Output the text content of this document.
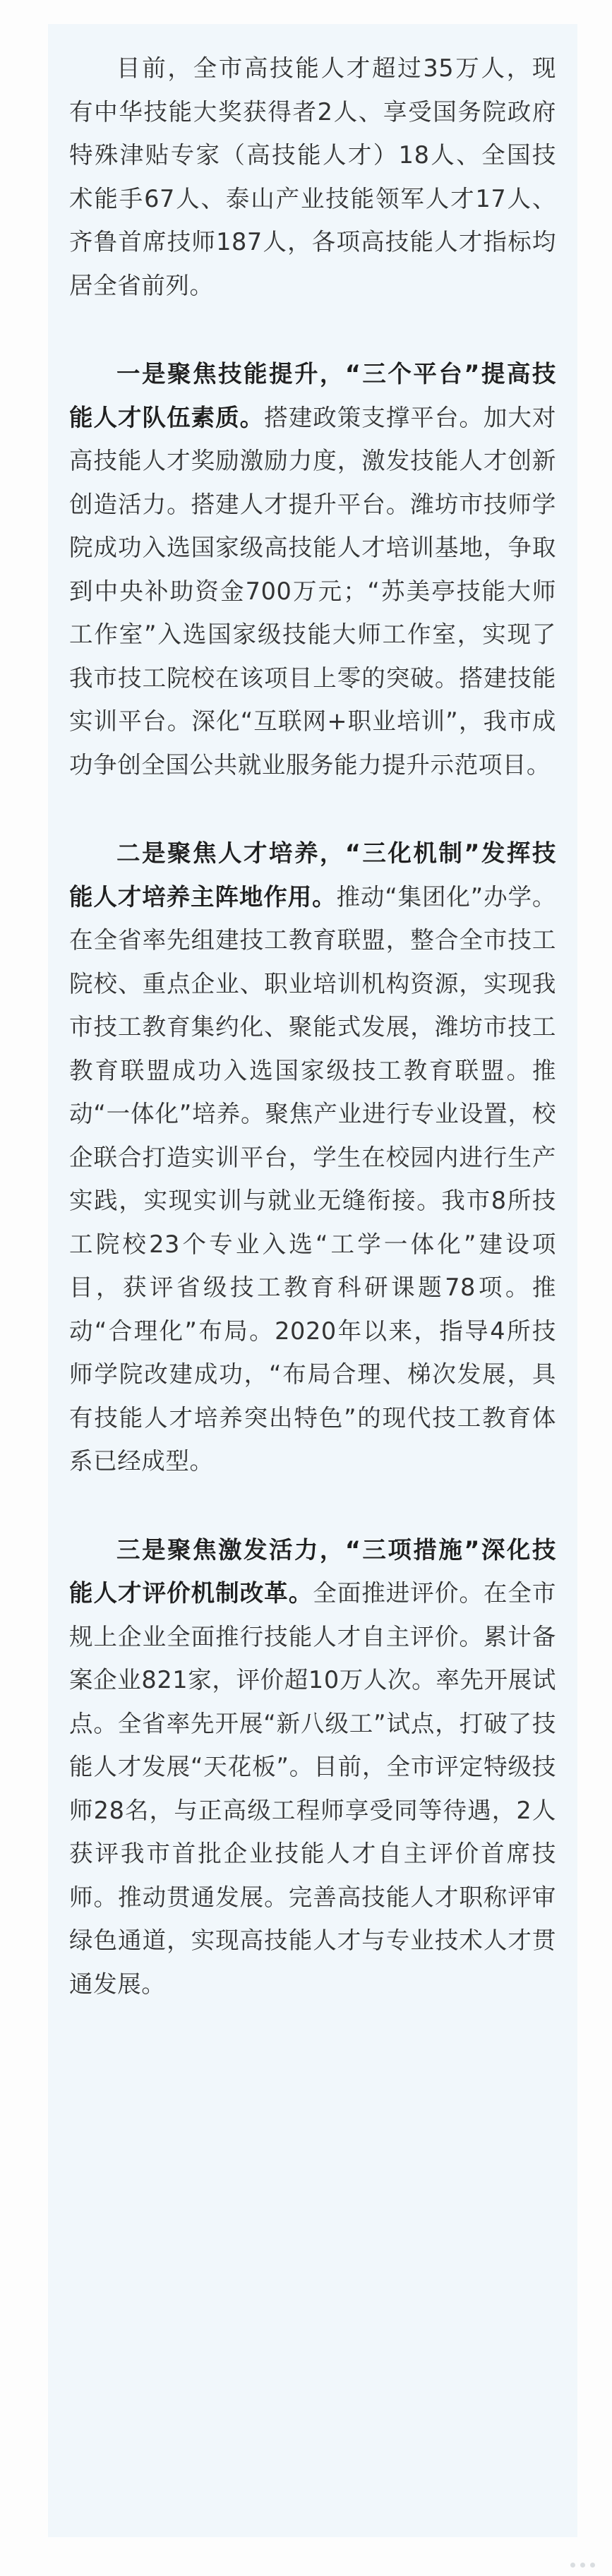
目前，全市高技能人才超过35万人，现有中华技能大奖获得者2人、享受国务院政府特殊津贴专家（高技能人才）18人、全国技术能手67人、泰山产业技能领军人才17人、齐鲁首席技师187人，各项高技能人才指标均居全省前列。

一是聚焦技能提升，“三个平台”提高技能人才队伍素质。搭建政策支撑平台。加大对高技能人才奖励激励力度，激发技能人才创新创造活力。搭建人才提升平台。潍坊市技师学院成功入选国家级高技能人才培训基地，争取到中央补助资金700万元；“苏美亭技能大师工作室”入选国家级技能大师工作室，实现了我市技工院校在该项目上零的突破。搭建技能实训平台。深化“互联网+职业培训”，我市成功争创全国公共就业服务能力提升示范项目。

二是聚焦人才培养，“三化机制”发挥技能人才培养主阵地作用。推动“集团化”办学。在全省率先组建技工教育联盟，整合全市技工院校、重点企业、职业培训机构资源，实现我市技工教育集约化、聚能式发展，潍坊市技工教育联盟成功入选国家级技工教育联盟。推动“一体化”培养。聚焦产业进行专业设置，校企联合打造实训平台，学生在校园内进行生产实践，实现实训与就业无缝衔接。我市8所技工院校23个专业入选“工学一体化”建设项目，获评省级技工教育科研课题78项。推动“合理化”布局。2020年以来，指导4所技师学院改建成功，“布局合理、梯次发展，具有技能人才培养突出特色”的现代技工教育体系已经成型。

三是聚焦激发活力，“三项措施”深化技能人才评价机制改革。全面推进评价。在全市规上企业全面推行技能人才自主评价。累计备案企业821家，评价超10万人次。率先开展试点。全省率先开展“新八级工”试点，打破了技能人才发展“天花板”。目前，全市评定特级技师28名，与正高级工程师享受同等待遇，2人获评我市首批企业技能人才自主评价首席技师。推动贯通发展。完善高技能人才职称评审绿色通道，实现高技能人才与专业技术人才贯通发展。
